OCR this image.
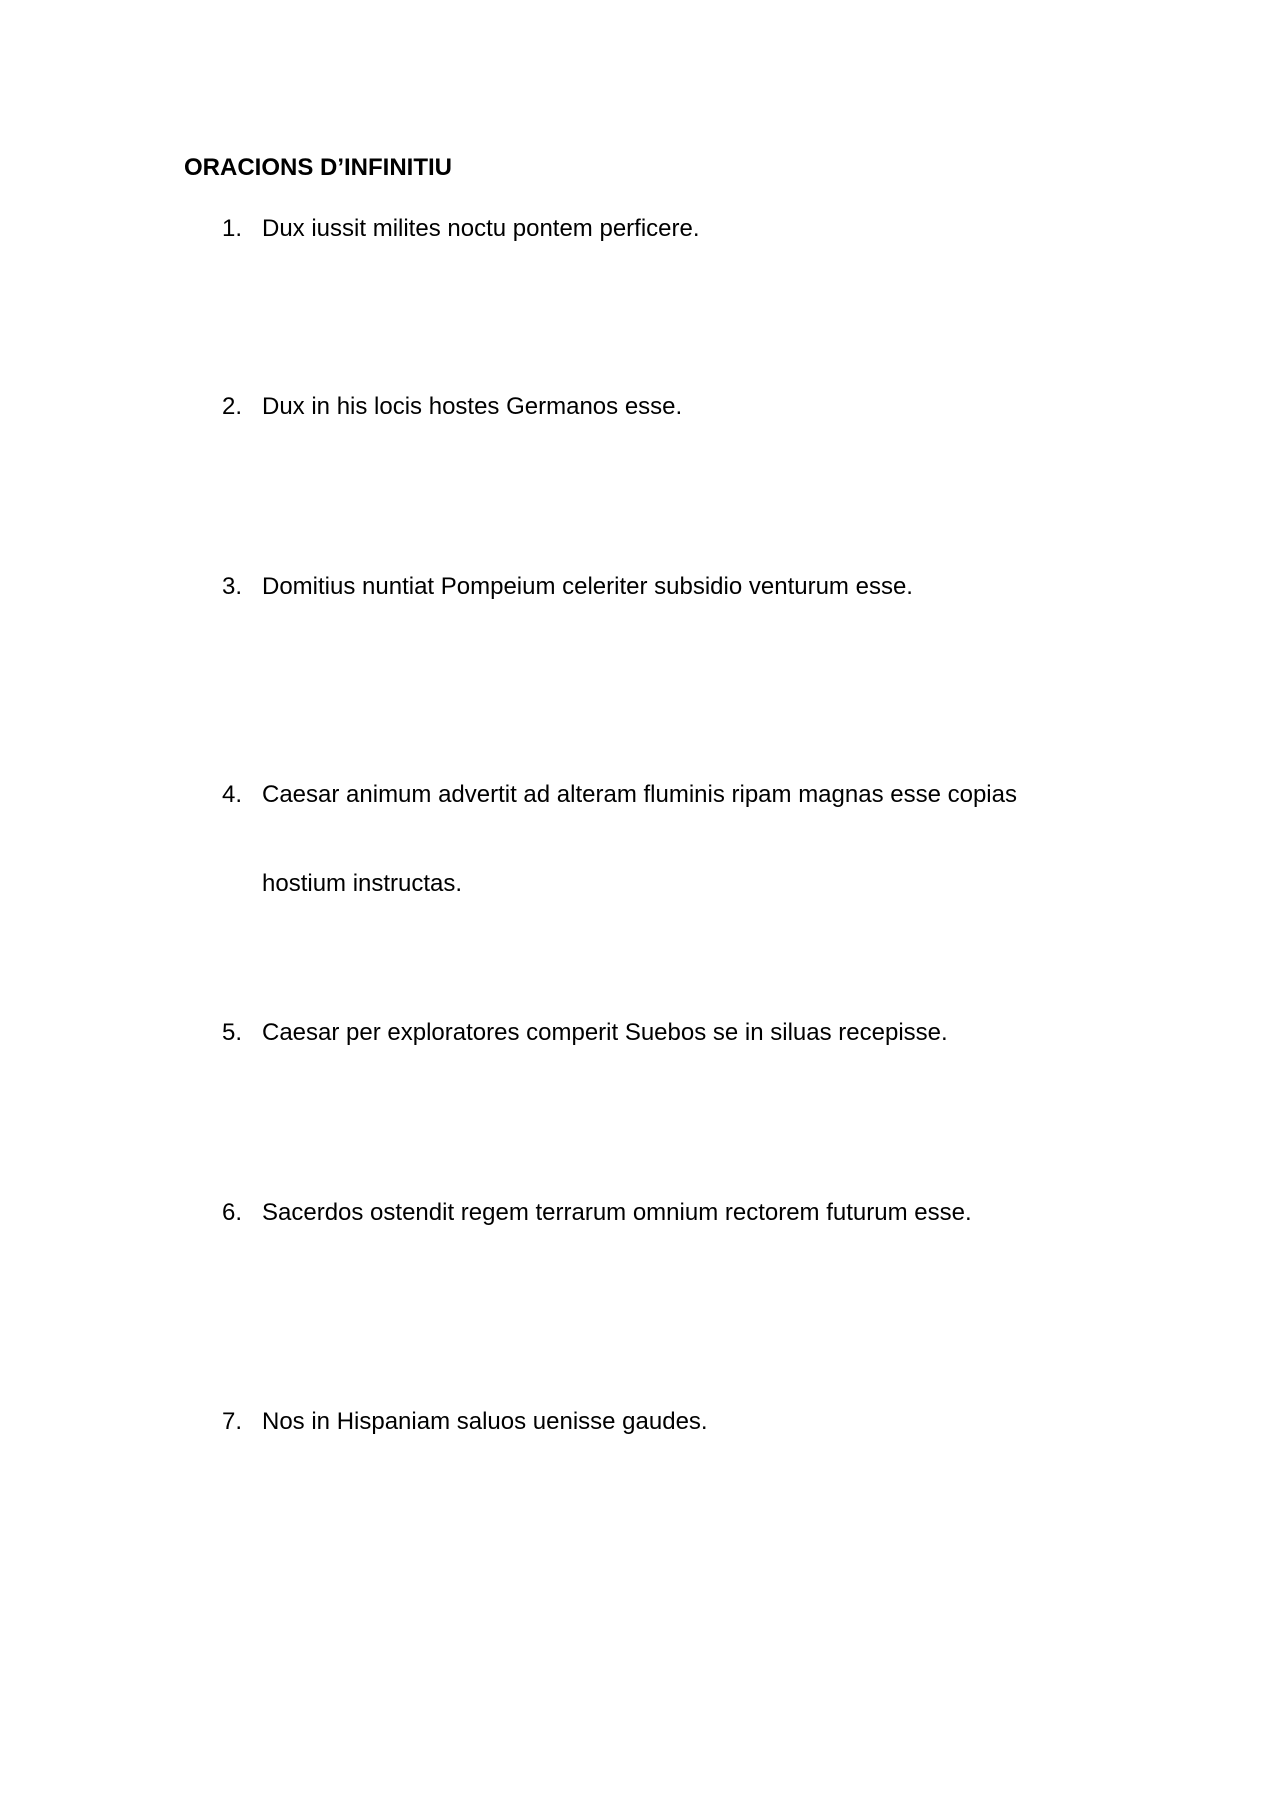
ORACIONS D’INFINITIU
1. Dux iussit milites noctu pontem perficere.
2. Dux in his locis hostes Germanos esse.
3. Domitius nuntiat Pompeium celeriter subsidio venturum esse.
4. Caesar animum advertit ad alteram fluminis ripam magnas esse copias
hostium instructas.
5. Caesar per exploratores comperit Suebos se in siluas recepisse.
6. Sacerdos ostendit regem terrarum omnium rectorem futurum esse.
7. Nos in Hispaniam saluos uenisse gaudes.
